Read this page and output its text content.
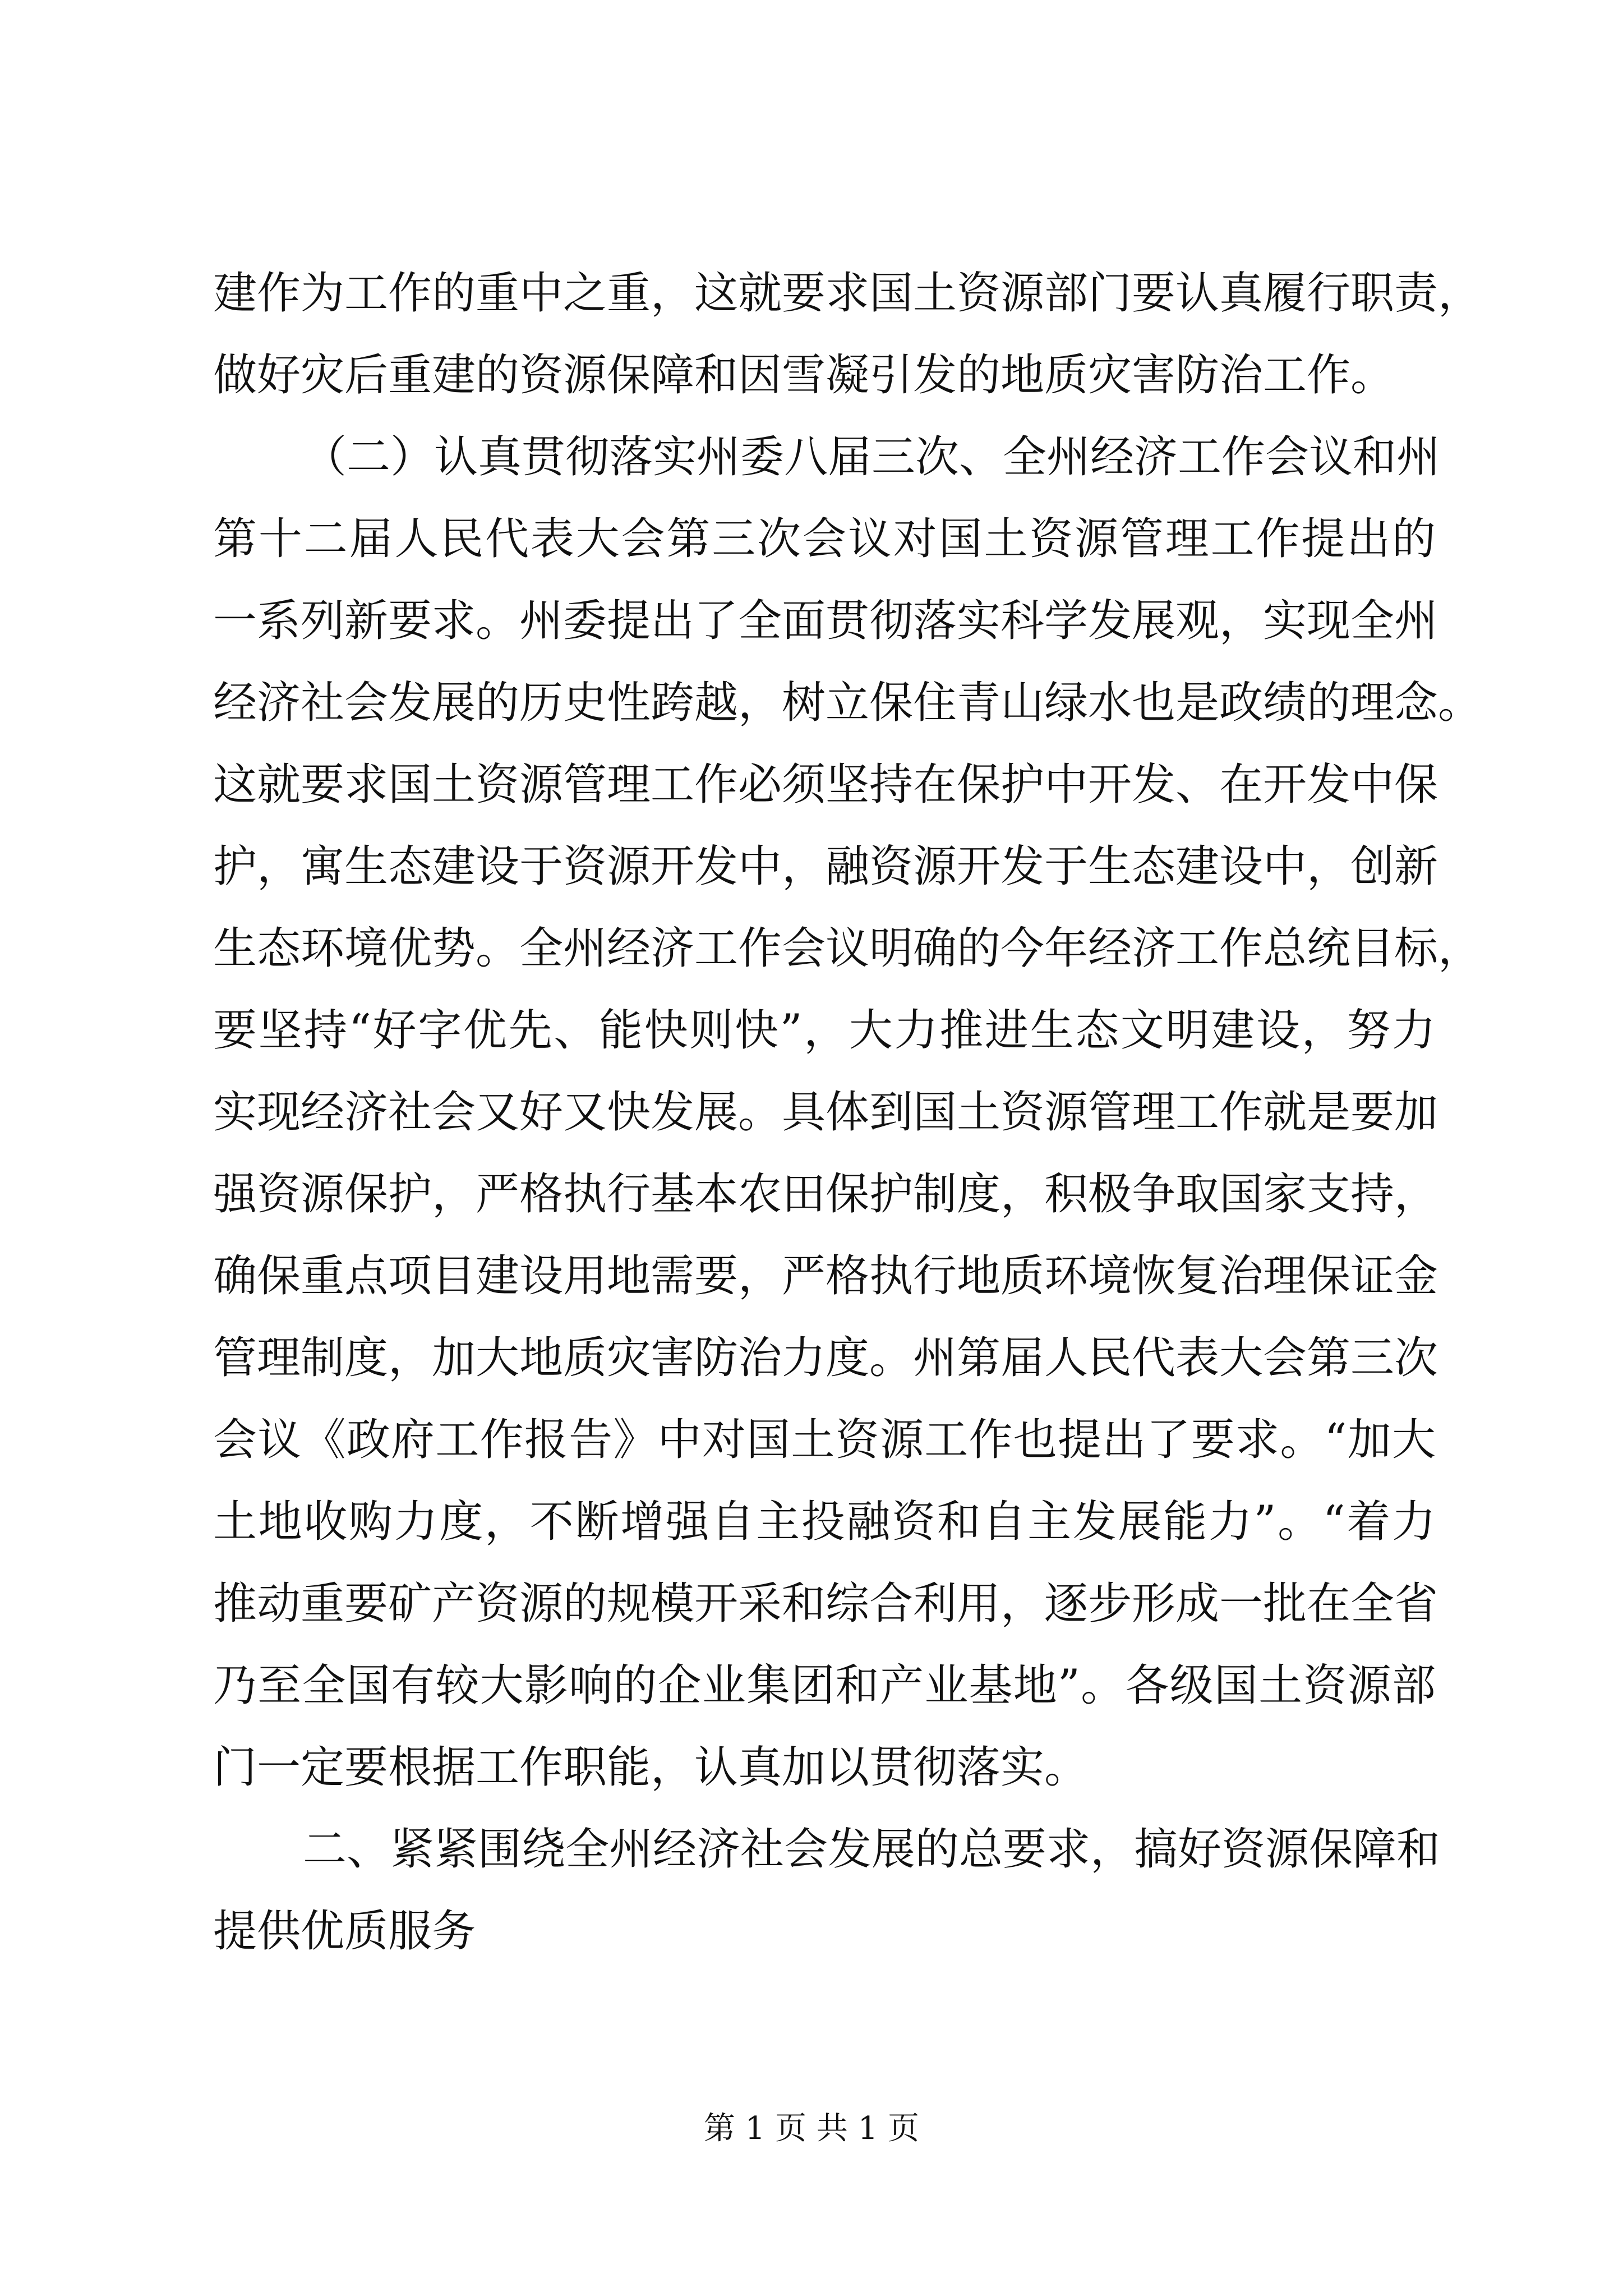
建作为工作的重中之重，这就要求国土资源部门要认真履行职责，
做好灾后重建的资源保障和因雪凝引发的地质灾害防治工作。
（二）认真贯彻落实州委八届三次、全州经济工作会议和州
第十二届人民代表大会第三次会议对国土资源管理工作提出的
一系列新要求。州委提出了全面贯彻落实科学发展观，实现全州
经济社会发展的历史性跨越，树立保住青山绿水也是政绩的理念。
这就要求国土资源管理工作必须坚持在保护中开发、在开发中保
护，寓生态建设于资源开发中，融资源开发于生态建设中，创新
生态环境优势。全州经济工作会议明确的今年经济工作总统目标，
要坚持“好字优先、能快则快”，大力推进生态文明建设，努力
实现经济社会又好又快发展。具体到国土资源管理工作就是要加
强资源保护，严格执行基本农田保护制度，积极争取国家支持，
确保重点项目建设用地需要，严格执行地质环境恢复治理保证金
管理制度，加大地质灾害防治力度。州第届人民代表大会第三次
会议《政府工作报告》中对国土资源工作也提出了要求。“加大
土地收购力度，不断增强自主投融资和自主发展能力”。“着力
推动重要矿产资源的规模开采和综合利用，逐步形成一批在全省
乃至全国有较大影响的企业集团和产业基地”。各级国土资源部
门一定要根据工作职能，认真加以贯彻落实。
二、紧紧围绕全州经济社会发展的总要求，搞好资源保障和
提供优质服务
第 1 页 共 1 页
